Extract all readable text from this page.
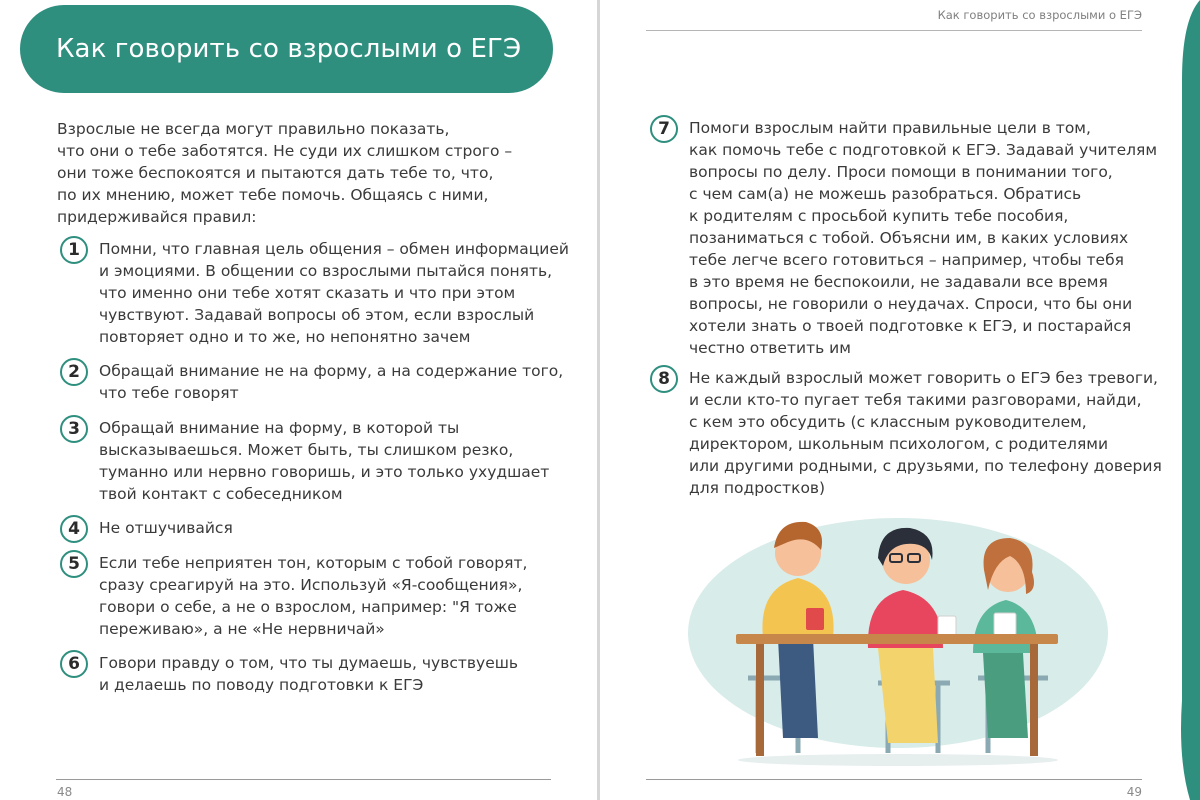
Как говорить со взрослыми о ЕГЭ
Взрослые не всегда могут правильно показать,
что они о тебе заботятся. Не суди их слишком строго –
они тоже беспокоятся и пытаются дать тебе то, что,
по их мнению, может тебе помочь. Общаясь с ними,
придерживайся правил:
1	Помни, что главная цель общения – обмен информацией
и эмоциями. В общении со взрослыми пытайся понять,
что именно они тебе хотят сказать и что при этом
чувствуют. Задавай вопросы об этом, если взрослый
повторяет одно и то же, но непонятно зачем
2	Обращай внимание не на форму, а на содержание того,
что тебе говорят
3	Обращай внимание на форму, в которой ты
высказываешься. Может быть, ты слишком резко,
туманно или нервно говоришь, и это только ухудшает
твой контакт с собеседником
4	Не отшучивайся
5	Если тебе неприятен тон, которым с тобой говорят,
сразу среагируй на это. Используй «Я-сообщения»,
говори о себе, а не о взрослом, например: "Я тоже
переживаю», а не «Не нервничай»
6	Говори правду о том, что ты думаешь, чувствуешь
и делаешь по поводу подготовки к ЕГЭ
48
Как говорить со взрослыми о ЕГЭ
7	Помоги взрослым найти правильные цели в том,
как помочь тебе с подготовкой к ЕГЭ. Задавай учителям
вопросы по делу. Проси помощи в понимании того,
с чем сам(а) не можешь разобраться. Обратись
к родителям с просьбой купить тебе пособия,
позаниматься с тобой. Объясни им, в каких условиях
тебе легче всего готовиться – например, чтобы тебя
в это время не беспокоили, не задавали все время
вопросы, не говорили о неудачах. Спроси, что бы они
хотели знать о твоей подготовке к ЕГЭ, и постарайся
честно ответить им
8	Не каждый взрослый может говорить о ЕГЭ без тревоги,
и если кто-то пугает тебя такими разговорами, найди,
с кем это обсудить (с классным руководителем,
директором, школьным психологом, с родителями
или другими родными, с друзьями, по телефону доверия
для подростков)
49
